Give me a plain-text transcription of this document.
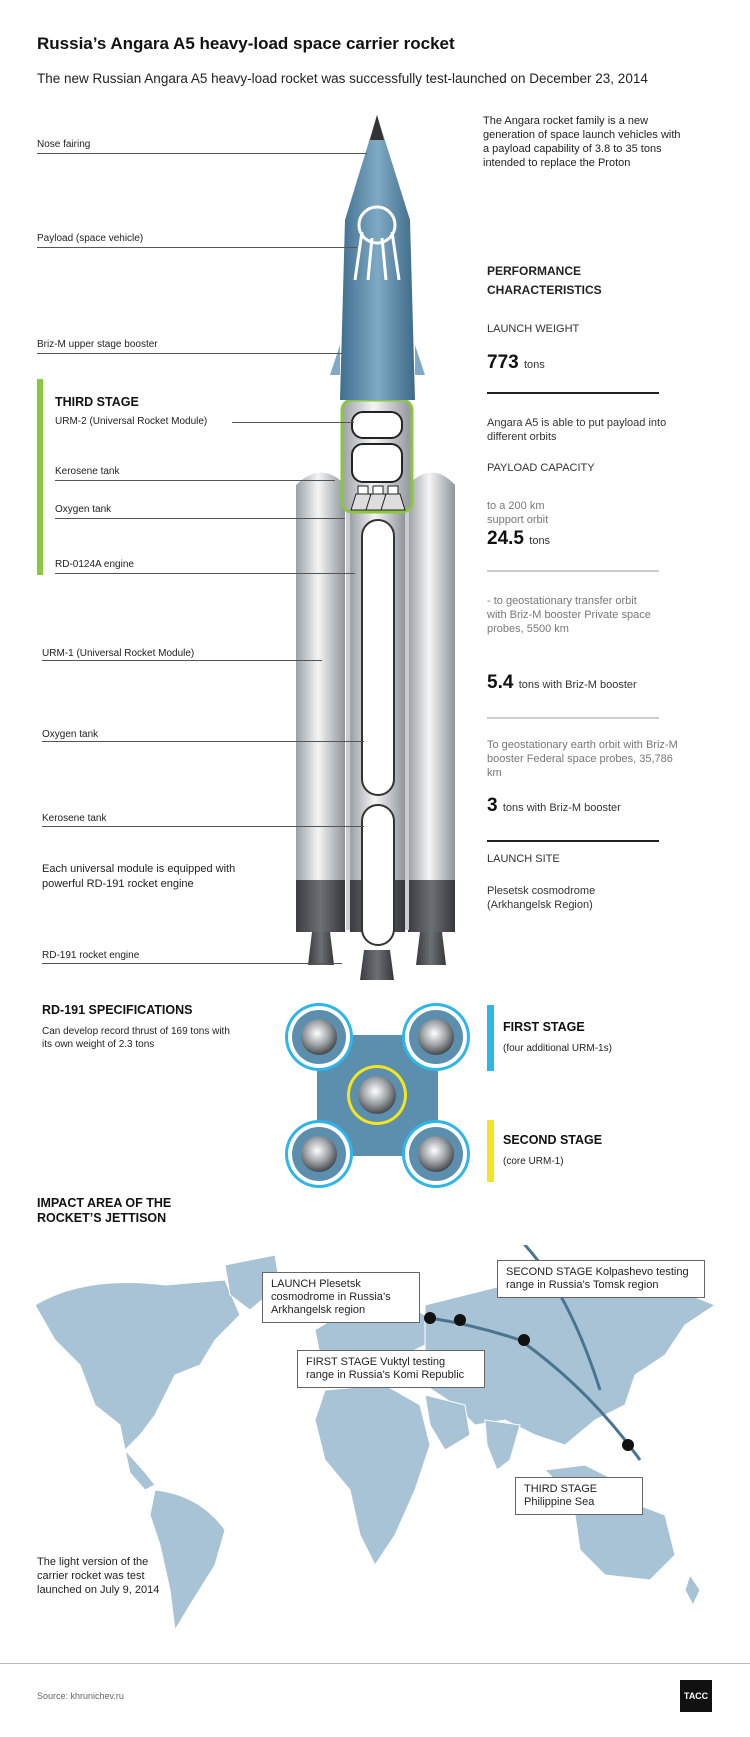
Russia’s Angara A5 heavy-load space carrier rocket
The new Russian Angara A5 heavy-load rocket was successfully test-launched on December 23, 2014
Nose fairing
Payload (space vehicle)
Briz-M upper stage booster
THIRD STAGE
URM-2 (Universal Rocket Module)
Kerosene tank
Oxygen tank
RD-0124A engine
URM-1 (Universal Rocket Module)
Oxygen tank
Kerosene tank
Each universal module is equipped with powerful RD-191 rocket engine
RD-191 rocket engine
The Angara rocket family is a new generation of space launch vehicles with a payload capability of 3.8 to 35 tons intended to replace the Proton
PERFORMANCE CHARACTERISTICS
LAUNCH WEIGHT
773 tons
Angara A5 is able to put payload into different orbits
PAYLOAD CAPACITY
to a 200 km support orbit
24.5 tons
- to geostationary transfer orbit with Briz-M booster Private space probes, 5500 km
5.4 tons with Briz-M booster
To geostationary earth orbit with Briz-M booster Federal space probes, 35,786 km
3 tons with Briz-M booster
LAUNCH SITE
Plesetsk cosmodrome (Arkhangelsk Region)
RD-191 SPECIFICATIONS
Can develop record thrust of 169 tons with its own weight of 2.3 tons
FIRST STAGE
(four additional URM-1s)
SECOND STAGE
(core URM-1)
IMPACT AREA OF THE ROCKET’S JETTISON
LAUNCH Plesetsk cosmodrome in Russia’s Arkhangelsk region
FIRST STAGE Vuktyl testing range in Russia’s Komi Republic
SECOND STAGE Kolpashevo testing range in Russia’s Tomsk region
THIRD STAGE Philippine Sea
The light version of the carrier rocket was test launched on July 9, 2014
Source: khrunichev.ru	ТАСС
